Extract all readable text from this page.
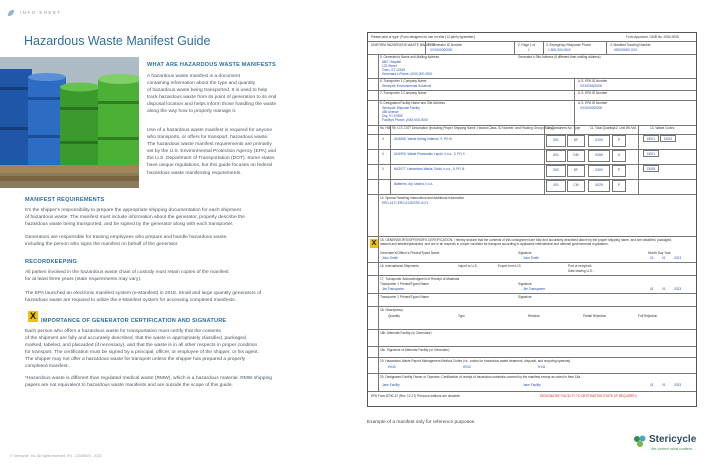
INFO SHEET
Hazardous Waste Manifest Guide
WHAT ARE HAZARDOUS WASTE MANIFESTS
A hazardous waste manifest is a document
containing information about the type and quantity
of hazardous waste being transported. It is used to help
track hazardous waste from its point of generation to its end
disposal location and helps inform those handling the waste
along the way how to properly manage it.
Use of a hazardous waste manifest is required for anyone
who transports, or offers for transport, hazardous waste.
The hazardous waste manifest requirements are primarily
set by the U.S. Environmental Protection Agency (EPA) and
the U.S. Department of Transportation (DOT). Some states
have unique regulations, but this guide focuses on federal
hazardous waste manifesting requirements.
MANIFEST REQUIREMENTS
It's the shipper's responsibility to prepare the appropriate shipping documentation for each shipment
of hazardous waste. The manifest must include information about the generator, properly describe the
hazardous waste being transported, and be signed by the generator along with each transporter.
Generators are responsible for training employees who prepare and handle hazardous waste,
including the person who signs the manifest on behalf of the generator.
RECORDKEEPING
All parties involved in the hazardous waste chain of custody must retain copies of the manifest
for at least three years (state requirements may vary).
The EPA launched an electronic manifest system (e-Manifest) in 2018. Small and large quantity generators of
hazardous waste are required to utilize the e-Manifest system for accessing completed manifests.
X IMPORTANCE OF GENERATOR CERTIFICATION AND SIGNATURE
Each person who offers a hazardous waste for transportation must certify that the contents
of the shipment are fully and accurately described, that the waste is appropriately classified, packaged,
marked, labeled, and placarded (if necessary), and that the waste is in all other respects in proper condition
for transport. The certification must be signed by a principal, officer, or employee of the shipper, or his agent.
The shipper may not offer a hazardous waste for transport unless the shipper has prepared a properly
completed manifest.
*Hazardous waste is different than regulated medical waste (RMW), which is a hazardous material. RMW shipping
papers are not equivalent to hazardous waste manifests and are outside the scope of this guide.
© Stericycle, Inc. All rights reserved. RS - 12345678 - 2023
Please print or type. (Form designed for use on elite (12-pitch) typewriter.)	Form Approved. OMB No. 2050-0039
UNIFORM HAZARDOUS WASTE MANIFEST
1. Generator ID Number
XXX000000000
2. Page 1 of
1
3. Emergency Response Phone
1-800-000-0000
4. Manifest Tracking Number
000000000 XXX
5. Generator's Name and Mailing Address	Generator's Site Address (if different than mailing address)
ABC Hospital
123 Street
Town, ST 12345
Generator's Phone: (000) 000-0000
6. Transporter 1 Company Name
Stericycle Environmental Solutions
U.S. EPA ID Number
XXX000000000
7. Transporter 2 Company Name	U.S. EPA ID Number
8. Designated Facility Name and Site Address
Stericycle Disposal Facility
456 Avenue
City, ST 67890
Facility's Phone: (000) 000-0000
U.S. EPA ID Number
XXX000000000
9a. HM 9b. U.S. DOT Description (including Proper Shipping Name, Hazard Class, ID Number, and Packing Group (if any))
10. Containers No. Type	11. Total Quantity 12. Unit Wt./Vol.	13. Waste Codes
X	UN3268, Waste Airbag Inflators, 9, PG III	001	DF	0100	P	D001	D003
X	UN1993, Waste Flammable Liquid, n.o.s., 3, PG II	001	DM	0055	G	D001
X	NA3077, Hazardous Waste, Solid, n.o.s., 9, PG III	002	DF	0300	P	D008
Batteries, dry, sealed, n.o.s.	001	CM	0025	P
14. Special Handling Instructions and Additional Information
ERG #171 ERG #128 ERG #171
X	15. GENERATOR'S/OFFEROR'S CERTIFICATION: I hereby declare that the contents of this consignment are fully and accurately described above by the proper shipping name, and are classified, packaged,
marked and labeled/placarded, and are in all respects in proper condition for transport according to applicable international and national governmental regulations.
Generator's/Offeror's Printed/Typed Name
John Smith
Signature
John Smith
Month Day Year
01	01	2023
16. International Shipments	Import to U.S.	Export from U.S.	Port of entry/exit:
Date leaving U.S.:
17. Transporter Acknowledgment of Receipt of Materials
Transporter 1 Printed/Typed Name
Jim Transporter
Signature
Jim Transporter	01	01	2023
Transporter 2 Printed/Typed Name	Signature
18. Discrepancy
Quantity	Type	Residue	Partial Rejection	Full Rejection
18b. Alternate Facility (or Generator)
18c. Signature of Alternate Facility (or Generator)
19. Hazardous Waste Report Management Method Codes (i.e., codes for hazardous waste treatment, disposal, and recycling systems)
H040	H040	H141
20. Designated Facility Owner or Operator: Certification of receipt of hazardous materials covered by the manifest except as noted in Item 18a
Jane Facility	Jane Facility	01	01	2023
EPA Form 8700-22 (Rev. 12-17) Previous editions are obsolete.	DESIGNATED FACILITY TO DESTINATION STATE (IF REQUIRED)
Example of a manifest only for reference purposes.
Stericycle
We protect what matters.
